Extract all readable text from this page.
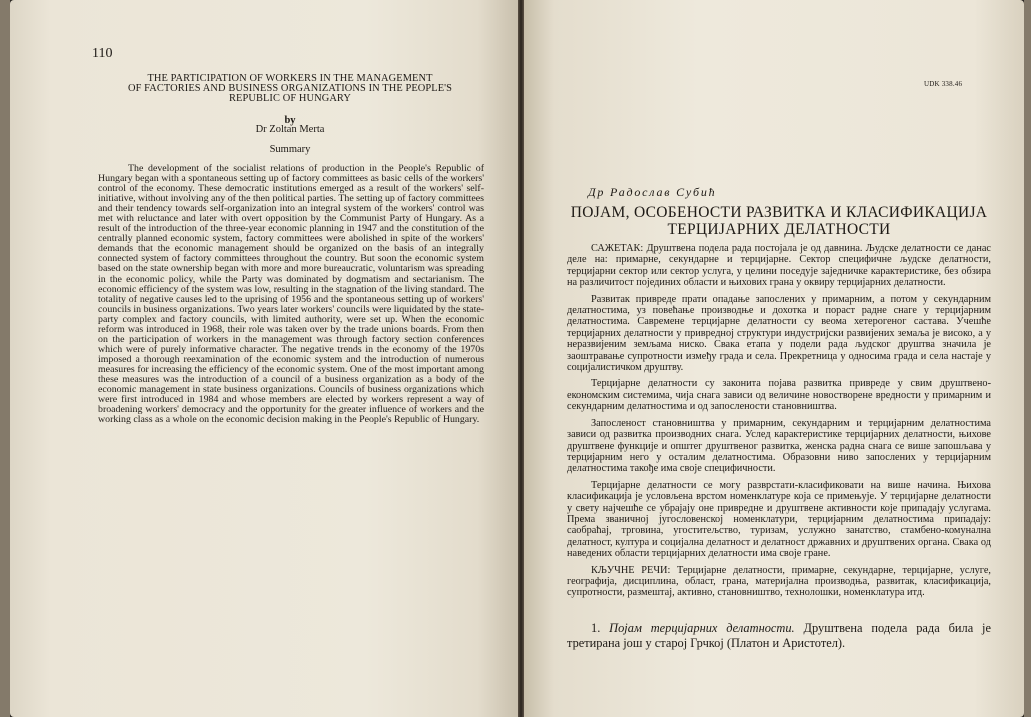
110
THE PARTICIPATION OF WORKERS IN THE MANAGEMENT
OF FACTORIES AND BUSINESS ORGANIZATIONS IN THE PEOPLE'S
REPUBLIC OF HUNGARY
by
Dr Zoltan Merta
Summary
The development of the socialist relations of production in the People's Republic of Hungary began with a spontaneous setting up of factory committees as basic cells of the workers' control of the economy. These democratic institutions emerged as a result of the workers' self-initiative, without involving any of the then political parties. The setting up of factory committees and their tendency towards self-organization into an integral system of the workers' control was met with reluctance and later with overt opposition by the Communist Party of Hungary. As a result of the introduction of the three-year economic planning in 1947 and the constitution of the centrally planned economic system, factory committees were abolished in spite of the workers' demands that the economic management should be organized on the basis of an integrally connected system of factory committees throughout the country. But soon the economic system based on the state ownership began with more and more bureaucratic, voluntarism was spreading in the economic policy, while the Party was dominated by dogmatism and sectarianism. The economic efficiency of the system was low, resulting in the stagnation of the living standard. The totality of negative causes led to the uprising of 1956 and the spontaneous setting up of workers' councils in business organizations. Two years later workers' councils were liquidated by the state-party complex and factory councils, with limited authority, were set up. When the economic reform was introduced in 1968, their role was taken over by the trade unions boards. From then on the participation of workers in the management was through factory section conferences which were of purely informative character. The negative trends in the economy of the 1970s imposed a thorough reexamination of the economic system and the introduction of numerous measures for increasing the efficiency of the economic system. One of the most important among these measures was the introduction of a council of a business organization as a body of the economic management in state business organizations. Councils of business organizations which were first introduced in 1984 and whose members are elected by workers represent a way of broadening workers' democracy and the opportunity for the greater influence of workers and the working class as a whole on the economic decision making in the People's Republic of Hungary.
UDK 338.46
Др Радослав Субић
ПОЈАМ, ОСОБЕНОСТИ РАЗВИТКА И КЛАСИФИКАЦИЈА
ТЕРЦИЈАРНИХ ДЕЛАТНОСТИ

САЖЕТАК: Друштвена подела рада постојала је од давнина. Људске делатности се данас деле на: примарне, секундарне и терцијарне. Сектор специфичне људске делатности, терцијарни сектор или сектор услуга, у целини поседује заједничке карактеристике, без обзира на различитост појединих области и њихових грана у оквиру терцијарних делатности.

Развитак привреде прати опадање запослених у примарним, а потом у секундарним делатностима, уз повећање производње и дохотка и пораст радне снаге у терцијарним делатностима. Савремене терцијарне делатности су веома хетерогеног састава. Учешће терцијарних делатности у привредној структури индустријски развијених земаља је високо, а у неразвијеним земљама ниско. Свака етапа у подели рада људског друштва значила је заоштравање супротности између града и села. Прекретница у односима града и села настаје у социјалистичком друштву.

Терцијарне делатности су законита појава развитка привреде у свим друштвено-економским системима, чија снага зависи од величине новостворене вредности у примарним и секундарним делатностима и од запослености становништва.

Запосленост становништва у примарним, секундарним и терцијарним делатностима зависи од развитка производних снага. Услед карактеристике терцијарних делатности, њихове друштвене функције и општег друштвеног развитка, женска радна снага се више запошљава у терцијарним него у осталим делатностима. Образовни ниво запослених у терцијарним делатностима такође има своје специфичности.

Терцијарне делатности се могу разврстати-класификовати на више начина. Њихова класификација је условљена врстом номенклатуре која се примењује. У терцијарне делатности у свету најчешће се убрајају оне привредне и друштвене активности које припадају услугама. Према званичној југословенској номенклатури, терцијарним делатностима припадају: саобраћај, трговина, угоститељство, туризам, услужно занатство, стамбено-комунална делатност, култура и социјална делатност и делатност државних и друштвених органа. Свака од наведених области терцијарних делатности има своје гране.

КЉУЧНЕ РЕЧИ: Терцијарне делатности, примарне, секундарне, терцијарне, услуге, географија, дисциплина, област, грана, материјална производња, развитак, класификација, супротности, размештај, активно, становништво, технолошки, номенклатура итд.

1. Појам терцијарних делатности. Друштвена подела рада била је третирана још у старој Грчкој (Платон и Аристотел).
